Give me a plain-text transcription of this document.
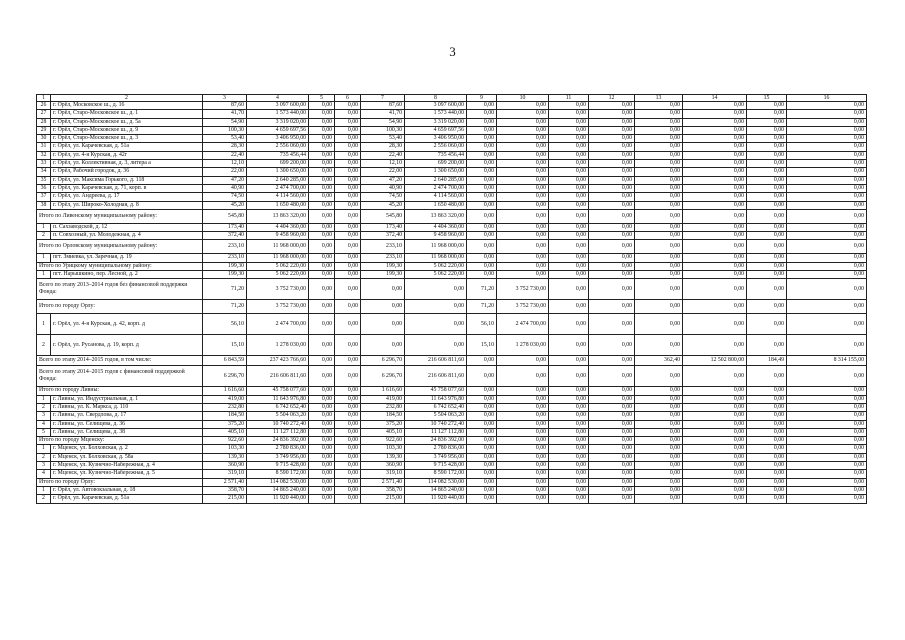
3
1	2	3	4	5	6	7	8	9	10	11	12	13	14	15	16
26	г. Орёл, Московское ш., д. 16	87,60	3 097 600,00	0,00	0,00	87,60	3 097 600,00	0,00	0,00	0,00	0,00	0,00	0,00	0,00	0,00
27	г. Орёл, Старо-Московское ш., д. 1	41,70	1 573 440,00	0,00	0,00	41,70	1 573 440,00	0,00	0,00	0,00	0,00	0,00	0,00	0,00	0,00
28	г. Орёл, Старо-Московское ш., д. 5а	54,90	3 319 020,00	0,00	0,00	54,90	3 319 020,00	0,00	0,00	0,00	0,00	0,00	0,00	0,00	0,00
29	г. Орёл, Старо-Московское ш., д. 9	100,30	4 659 697,56	0,00	0,00	100,30	4 659 697,56	0,00	0,00	0,00	0,00	0,00	0,00	0,00	0,00
30	г. Орёл, Старо-Московское ш., д. 3	53,40	3 406 950,00	0,00	0,00	53,40	3 406 950,00	0,00	0,00	0,00	0,00	0,00	0,00	0,00	0,00
31	г. Орёл, ул. Карачевская, д. 51а	28,30	2 556 060,00	0,00	0,00	28,30	2 556 060,00	0,00	0,00	0,00	0,00	0,00	0,00	0,00	0,00
32	г. Орёл, ул. 4-я Курская, д. 42г	22,40	735 456,44	0,00	0,00	22,40	735 456,44	0,00	0,00	0,00	0,00	0,00	0,00	0,00	0,00
33	г. Орёл, ул. Коллективная, д. 3, литера а	12,10	699 200,00	0,00	0,00	12,10	699 200,00	0,00	0,00	0,00	0,00	0,00	0,00	0,00	0,00
34	г. Орёл, Рабочий городок, д. 36	22,00	1 300 650,00	0,00	0,00	22,00	1 300 650,00	0,00	0,00	0,00	0,00	0,00	0,00	0,00	0,00
35	г. Орёл, ул. Максима Горького, д. 118	47,20	2 640 285,00	0,00	0,00	47,20	2 640 285,00	0,00	0,00	0,00	0,00	0,00	0,00	0,00	0,00
36	г. Орёл, ул. Карачевская, д. 71, корп. в	40,90	2 474 700,00	0,00	0,00	40,90	2 474 700,00	0,00	0,00	0,00	0,00	0,00	0,00	0,00	0,00
37	г. Орёл, ул. Андреева, д. 17	74,50	4 114 560,00	0,00	0,00	74,50	4 114 560,00	0,00	0,00	0,00	0,00	0,00	0,00	0,00	0,00
38	г. Орёл, ул. Широко-Холодная, д. 8	45,20	1 650 480,00	0,00	0,00	45,20	1 650 480,00	0,00	0,00	0,00	0,00	0,00	0,00	0,00	0,00
Итого по Ливенскому муниципальному району:		545,80	13 863 320,00	0,00	0,00	545,80	13 863 320,00	0,00	0,00	0,00	0,00	0,00	0,00	0,00	0,00
1	п. Сахзаводской, д. 12	173,40	4 404 360,00	0,00	0,00	173,40	4 404 360,00	0,00	0,00	0,00	0,00	0,00	0,00	0,00	0,00
2	п. Совхозный, ул. Молодежная, д. 4	372,40	9 458 960,00	0,00	0,00	372,40	9 458 960,00	0,00	0,00	0,00	0,00	0,00	0,00	0,00	0,00
Итого по Орловскому муниципальному району:		233,10	11 968 000,00	0,00	0,00	233,10	11 968 000,00	0,00	0,00	0,00	0,00	0,00	0,00	0,00	0,00
1	пгт. Змиевка, ул. Заречная, д. 19	233,10	11 968 000,00	0,00	0,00	233,10	11 968 000,00	0,00	0,00	0,00	0,00	0,00	0,00	0,00	0,00
Итого по Урицкому муниципальному району:		199,30	5 062 220,00	0,00	0,00	199,30	5 062 220,00	0,00	0,00	0,00	0,00	0,00	0,00	0,00	0,00
1	пгт. Нарышкино, пер. Лесной, д. 2	199,30	5 062 220,00	0,00	0,00	199,30	5 062 220,00	0,00	0,00	0,00	0,00	0,00	0,00	0,00	0,00
Всего по этапу 2013–2014 годов без финансовой поддержки Фонда:		71,20	3 752 730,00	0,00	0,00	0,00	0,00	71,20	3 752 730,00	0,00	0,00	0,00	0,00	0,00	0,00
Итого по городу Орлу:		71,20	3 752 730,00	0,00	0,00	0,00	0,00	71,20	3 752 730,00	0,00	0,00	0,00	0,00	0,00	0,00
1	г. Орёл, ул. 4-я Курская, д. 42, корп. д	56,10	2 474 700,00	0,00	0,00	0,00	0,00	56,10	2 474 700,00	0,00	0,00	0,00	0,00	0,00	0,00
2	г. Орёл, ул. Русанова, д. 19, корп. д	15,10	1 278 030,00	0,00	0,00	0,00	0,00	15,10	1 278 030,00	0,00	0,00	0,00	0,00	0,00	0,00
Всего по этапу 2014–2015 годов, в том числе:		6 843,59	237 423 766,60	0,00	0,00	6 296,70	216 606 811,60	0,00	0,00	0,00	0,00	362,40	12 502 800,00	184,49	8 314 155,00
Всего по этапу 2014–2015 годов с финансовой поддержкой Фонда:		6 296,70	216 606 811,60	0,00	0,00	6 296,70	216 606 811,60	0,00	0,00	0,00	0,00	0,00	0,00	0,00	0,00
Итого по городу Ливны:		1 616,60	45 758 077,60	0,00	0,00	1 616,60	45 758 077,60	0,00	0,00	0,00	0,00	0,00	0,00	0,00	0,00
1	г. Ливны, ул. Индустриальная, д. 1	419,00	11 643 976,80	0,00	0,00	419,00	11 643 976,80	0,00	0,00	0,00	0,00	0,00	0,00	0,00	0,00
2	г. Ливны, ул. К. Маркса, д. 110	232,80	6 742 652,40	0,00	0,00	232,80	6 742 652,40	0,00	0,00	0,00	0,00	0,00	0,00	0,00	0,00
3	г. Ливны, ул. Свердлова, д. 17	184,50	5 504 063,20	0,00	0,00	184,50	5 504 063,20	0,00	0,00	0,00	0,00	0,00	0,00	0,00	0,00
4	г. Ливны, ул. Селищева, д. 36	375,20	10 740 272,40	0,00	0,00	375,20	10 740 272,40	0,00	0,00	0,00	0,00	0,00	0,00	0,00	0,00
5	г. Ливны, ул. Селищева, д. 38	405,10	11 127 112,80	0,00	0,00	405,10	11 127 112,80	0,00	0,00	0,00	0,00	0,00	0,00	0,00	0,00
Итого по городу Мценску:		922,60	24 836 392,00	0,00	0,00	922,60	24 836 392,00	0,00	0,00	0,00	0,00	0,00	0,00	0,00	0,00
1	г. Мценск, ул. Болховская, д. 2	103,30	2 780 836,00	0,00	0,00	103,30	2 780 836,00	0,00	0,00	0,00	0,00	0,00	0,00	0,00	0,00
2	г. Мценск, ул. Болховская, д. 58а	139,30	3 749 956,00	0,00	0,00	139,30	3 749 956,00	0,00	0,00	0,00	0,00	0,00	0,00	0,00	0,00
3	г. Мценск, ул. Кузнечно-Набережная, д. 4	360,90	9 715 428,00	0,00	0,00	360,90	9 715 428,00	0,00	0,00	0,00	0,00	0,00	0,00	0,00	0,00
4	г. Мценск, ул. Кузнечно-Набережная, д. 5	319,10	8 590 172,00	0,00	0,00	319,10	8 590 172,00	0,00	0,00	0,00	0,00	0,00	0,00	0,00	0,00
Итого по городу Орлу:		2 571,40	114 082 530,00	0,00	0,00	2 571,40	114 082 530,00	0,00	0,00	0,00	0,00	0,00	0,00	0,00	0,00
1	г. Орёл, ул. Автовокзальная, д. 18	358,70	14 865 240,00	0,00	0,00	358,70	14 865 240,00	0,00	0,00	0,00	0,00	0,00	0,00	0,00	0,00
2	г. Орёл, ул. Карачевская, д. 51а	215,00	11 920 440,00	0,00	0,00	215,00	11 920 440,00	0,00	0,00	0,00	0,00	0,00	0,00	0,00	0,00
